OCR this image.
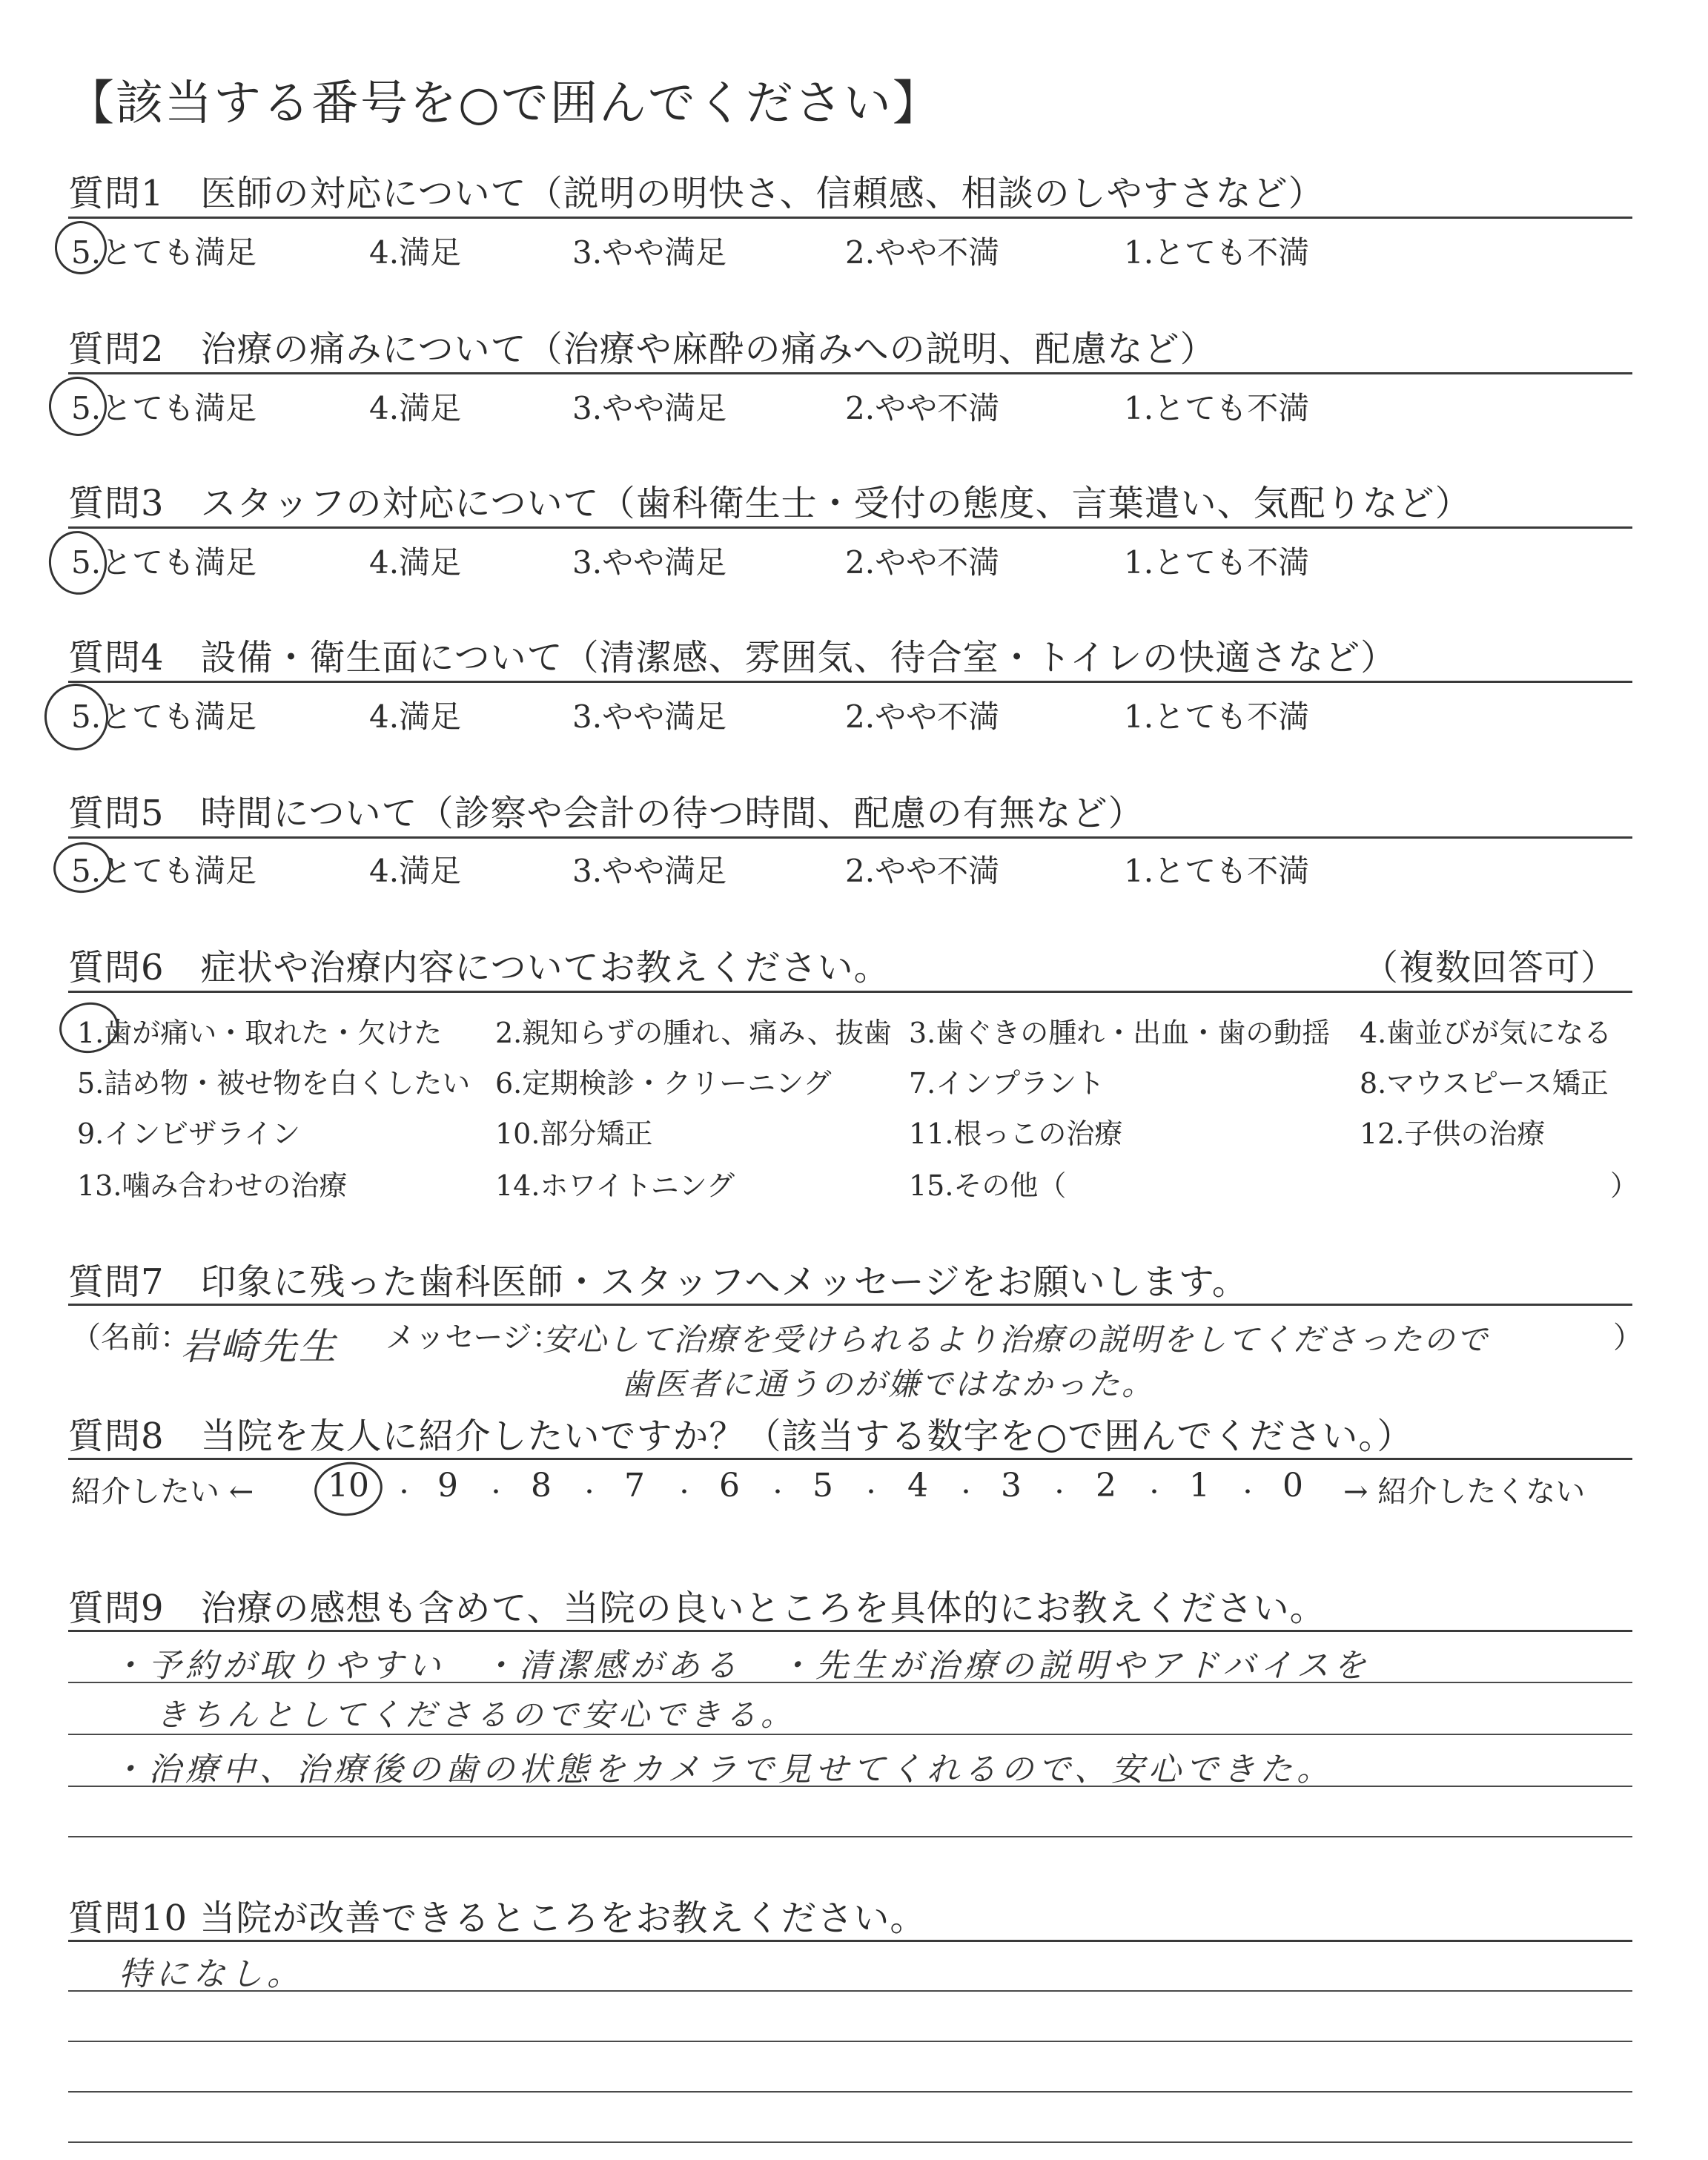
【該当する番号を○で囲んでください】
質問1　医師の対応について（説明の明快さ、信頼感、相談のしやすさなど）
5.とても満足	4.満足	3.やや満足	2.やや不満	1.とても不満
質問2　治療の痛みについて（治療や麻酔の痛みへの説明、配慮など）
5.とても満足	4.満足	3.やや満足	2.やや不満	1.とても不満
質問3　スタッフの対応について（歯科衛生士・受付の態度、言葉遣い、気配りなど）
5.とても満足	4.満足	3.やや満足	2.やや不満	1.とても不満
質問4　設備・衛生面について（清潔感、雰囲気、待合室・トイレの快適さなど）
5.とても満足	4.満足	3.やや満足	2.やや不満	1.とても不満
質問5　時間について（診察や会計の待つ時間、配慮の有無など）
5.とても満足	4.満足	3.やや満足	2.やや不満	1.とても不満
質問6　症状や治療内容についてお教えください。	（複数回答可）
1.歯が痛い・取れた・欠けた 2.親知らずの腫れ、痛み、抜歯 3.歯ぐきの腫れ・出血・歯の動揺 4.歯並びが気になる
5.詰め物・被せ物を白くしたい 6.定期検診・クリーニング	7.インプラント	8.マウスピース矯正
9.インビザライン	10.部分矯正	11.根っこの治療	12.子供の治療
13.噛み合わせの治療	14.ホワイトニング	15.その他（	）
質問7　印象に残った歯科医師・スタッフへメッセージをお願いします。
（名前：
岩崎先生 メッセージ：
安心して治療を受けられるより治療の説明をしてくださったので	）
歯医者に通うのが嫌ではなかった。
質問8　当院を友人に紹介したいですか？（該当する数字を○で囲んでください。）
紹介したい ← 10 ・ 9 ・ 8 ・ 7 ・ 6 ・ 5 ・ 4 ・ 3 ・ 2 ・ 1 ・ 0 → 紹介したくない
質問9　治療の感想も含めて、当院の良いところを具体的にお教えください。
・予約が取りやすい　・清潔感がある　・先生が治療の説明やアドバイスを
きちんとしてくださるので安心できる。
・治療中、治療後の歯の状態をカメラで見せてくれるので、安心できた。
質問10 当院が改善できるところをお教えください。
特になし。
